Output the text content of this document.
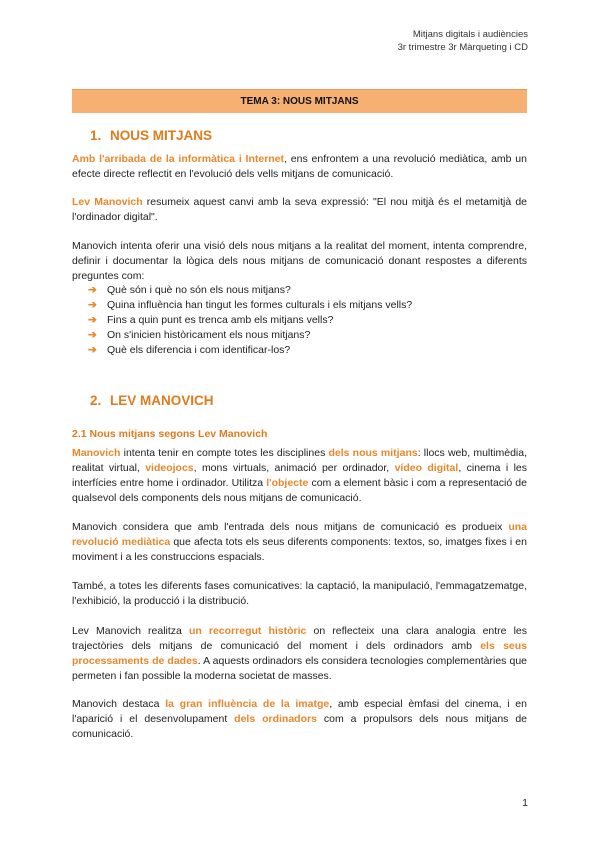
Mitjans digitals i audiències
3r trimestre 3r Màrqueting i CD
TEMA 3: NOUS MITJANS
1. NOUS MITJANS
Amb l'arribada de la informàtica i Internet, ens enfrontem a una revolució mediàtica, amb un efecte directe reflectit en l'evolució dels vells mitjans de comunicació.
Lev Manovich resumeix aquest canvi amb la seva expressió: "El nou mitjà és el metamitjà de l'ordinador digital".
Manovich intenta oferir una visió dels nous mitjans a la realitat del moment, intenta comprendre, definir i documentar la lògica dels nous mitjans de comunicació donant respostes a diferents preguntes com:
➔ Què són i què no són els nous mitjans?
➔ Quina influència han tingut les formes culturals i els mitjans vells?
➔ Fins a quin punt es trenca amb els mitjans vells?
➔ On s'inicien històricament els nous mitjans?
➔ Què els diferencia i com identificar-los?
2. LEV MANOVICH
2.1 Nous mitjans segons Lev Manovich
Manovich intenta tenir en compte totes les disciplines dels nous mitjans: llocs web, multimèdia, realitat virtual, videojocs, mons virtuals, animació per ordinador, vídeo digital, cinema i les interfícies entre home i ordinador. Utilitza l'objecte com a element bàsic i com a representació de qualsevol dels components dels nous mitjans de comunicació.
Manovich considera que amb l'entrada dels nous mitjans de comunicació es produeix una revolució mediàtica que afecta tots els seus diferents components: textos, so, imatges fixes i en moviment i a les construccions espacials.
També, a totes les diferents fases comunicatives: la captació, la manipulació, l'emmagatzematge, l'exhibició, la producció i la distribució.
Lev Manovich realitza un recorregut històric on reflecteix una clara analogia entre les trajectòries dels mitjans de comunicació del moment i dels ordinadors amb els seus processaments de dades. A aquests ordinadors els considera tecnologies complementàries que permeten i fan possible la moderna societat de masses.
Manovich destaca la gran influència de la imatge, amb especial èmfasi del cinema, i en l'aparició i el desenvolupament dels ordinadors com a propulsors dels nous mitjans de comunicació.
1
